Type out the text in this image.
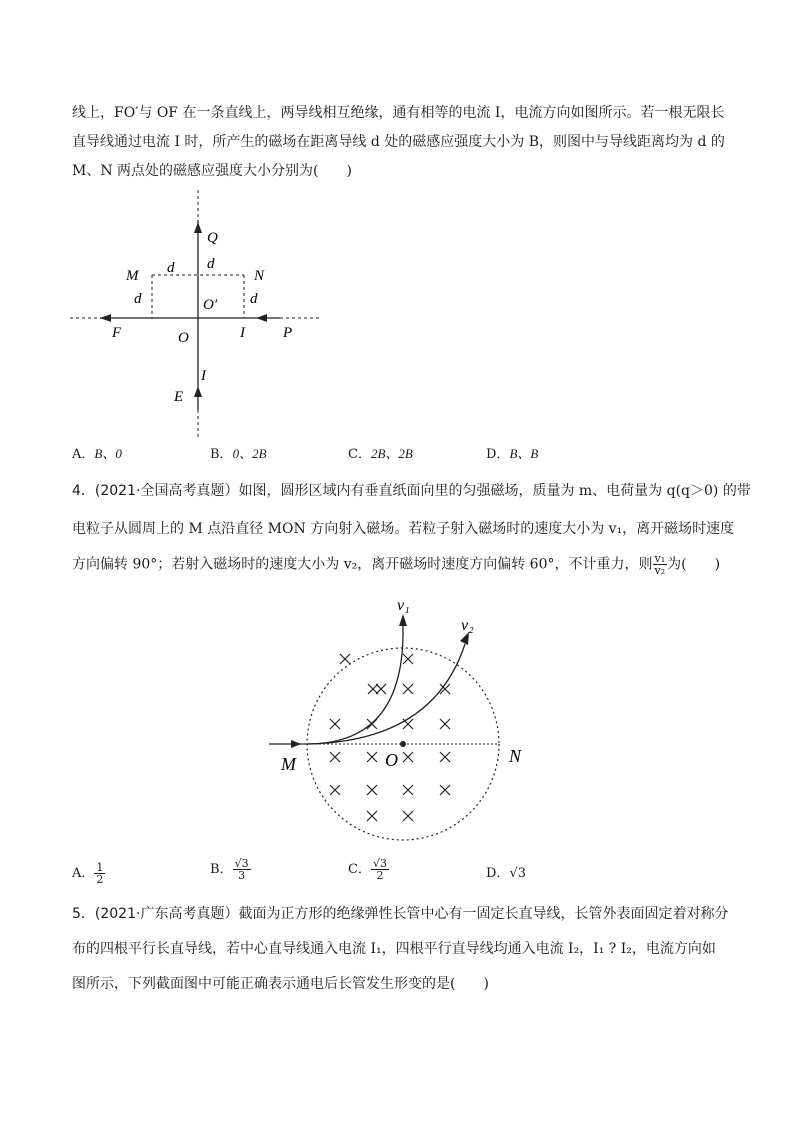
线上，FO′与 OF 在一条直线上，两导线相互绝缘，通有相等的电流 I，电流方向如图所示。若一根无限长
直导线通过电流 I 时，所产生的磁场在距离导线 d 处的磁感应强度大小为 B，则图中与导线距离均为 d 的
M、N 两点处的磁感应强度大小分别为(　　)
Q
d
d
M	N
d	O′ d
F	O	I	P
I
E
A．B、0	B．0、2B	C．2B、2B	D．B、B
4．(2021·全国高考真题）如图，圆形区域内有垂直纸面向里的匀强磁场，质量为 m、电荷量为 q(q＞0) 的带
电粒子从圆周上的 M 点沿直径 MON 方向射入磁场。若粒子射入磁场时的速度大小为 v₁，离开磁场时速度
方向偏转 90°；若射入磁场时的速度大小为 v₂，离开磁场时速度方向偏转 60°，不计重力，则 $\frac{\text{v₁}}{\text{v₂}}$ 为(　　)
v₁
v₂
M	O	N
A． $\frac{1}{2}$	B． $\frac{√3}{3}$	C． $\frac{√3}{2}$	D．√3
5．(2021·广东高考真题）截面为正方形的绝缘弹性长管中心有一固定长直导线，长管外表面固定着对称分
布的四根平行长直导线，若中心直导线通入电流 I₁，四根平行直导线均通入电流 I₂，I₁ ? I₂，电流方向如
图所示，下列截面图中可能正确表示通电后长管发生形变的是(　　)
